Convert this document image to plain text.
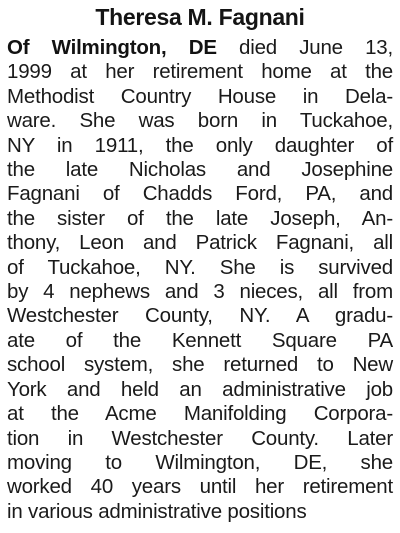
Theresa M. Fagnani
Of Wilmington, DE died June 13,
1999 at her retirement home at the
Methodist Country House in Dela-
ware. She was born in Tuckahoe,
NY in 1911, the only daughter of
the late Nicholas and Josephine
Fagnani of Chadds Ford, PA, and
the sister of the late Joseph, An-
thony, Leon and Patrick Fagnani, all
of Tuckahoe, NY. She is survived
by 4 nephews and 3 nieces, all from
Westchester County, NY. A gradu-
ate of the Kennett Square PA
school system, she returned to New
York and held an administrative job
at the Acme Manifolding Corpora-
tion in Westchester County. Later
moving to Wilmington, DE, she
worked 40 years until her retirement
in various administrative positions
